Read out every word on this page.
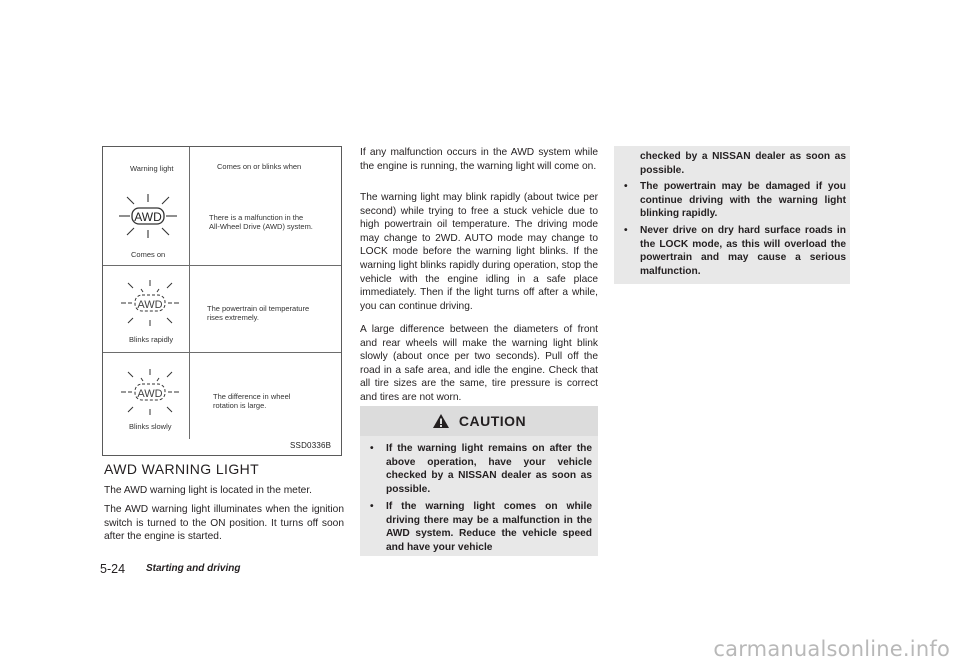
Warning light	Comes on or blinks when
AWD
Comes on
There is a malfunction in the
All-Wheel Drive (AWD) system.
AWD
Blinks rapidly
The powertrain oil temperature
rises extremely.
AWD
Blinks slowly
The difference in wheel
rotation is large.
SSD0336B
AWD WARNING LIGHT
The AWD warning light is located in the meter.
The AWD warning light illuminates when the ignition switch is turned to the ON position. It turns off soon after the engine is started.
If any malfunction occurs in the AWD system while the engine is running, the warning light will come on.
The warning light may blink rapidly (about twice per second) while trying to free a stuck vehicle due to high powertrain oil temperature. The driving mode may change to 2WD. AUTO mode may change to LOCK mode before the warning light blinks. If the warning light blinks rapidly during operation, stop the vehicle with the engine idling in a safe place immediately. Then if the light turns off after a while, you can continue driving.
A large difference between the diameters of front and rear wheels will make the warning light blink slowly (about once per two seconds). Pull off the road in a safe area, and idle the engine. Check that all tire sizes are the same, tire pressure is correct and tires are not worn.
CAUTION
• If the warning light remains on after the above operation, have your vehicle checked by a NISSAN dealer as soon as possible.
• If the warning light comes on while driving there may be a malfunction in the AWD system. Reduce the vehicle speed and have your vehicle
checked by a NISSAN dealer as soon as possible.
• The powertrain may be damaged if you continue driving with the warning light blinking rapidly.
• Never drive on dry hard surface roads in the LOCK mode, as this will overload the powertrain and may cause a serious malfunction.
5-24 Starting and driving
carmanualsonline.info
